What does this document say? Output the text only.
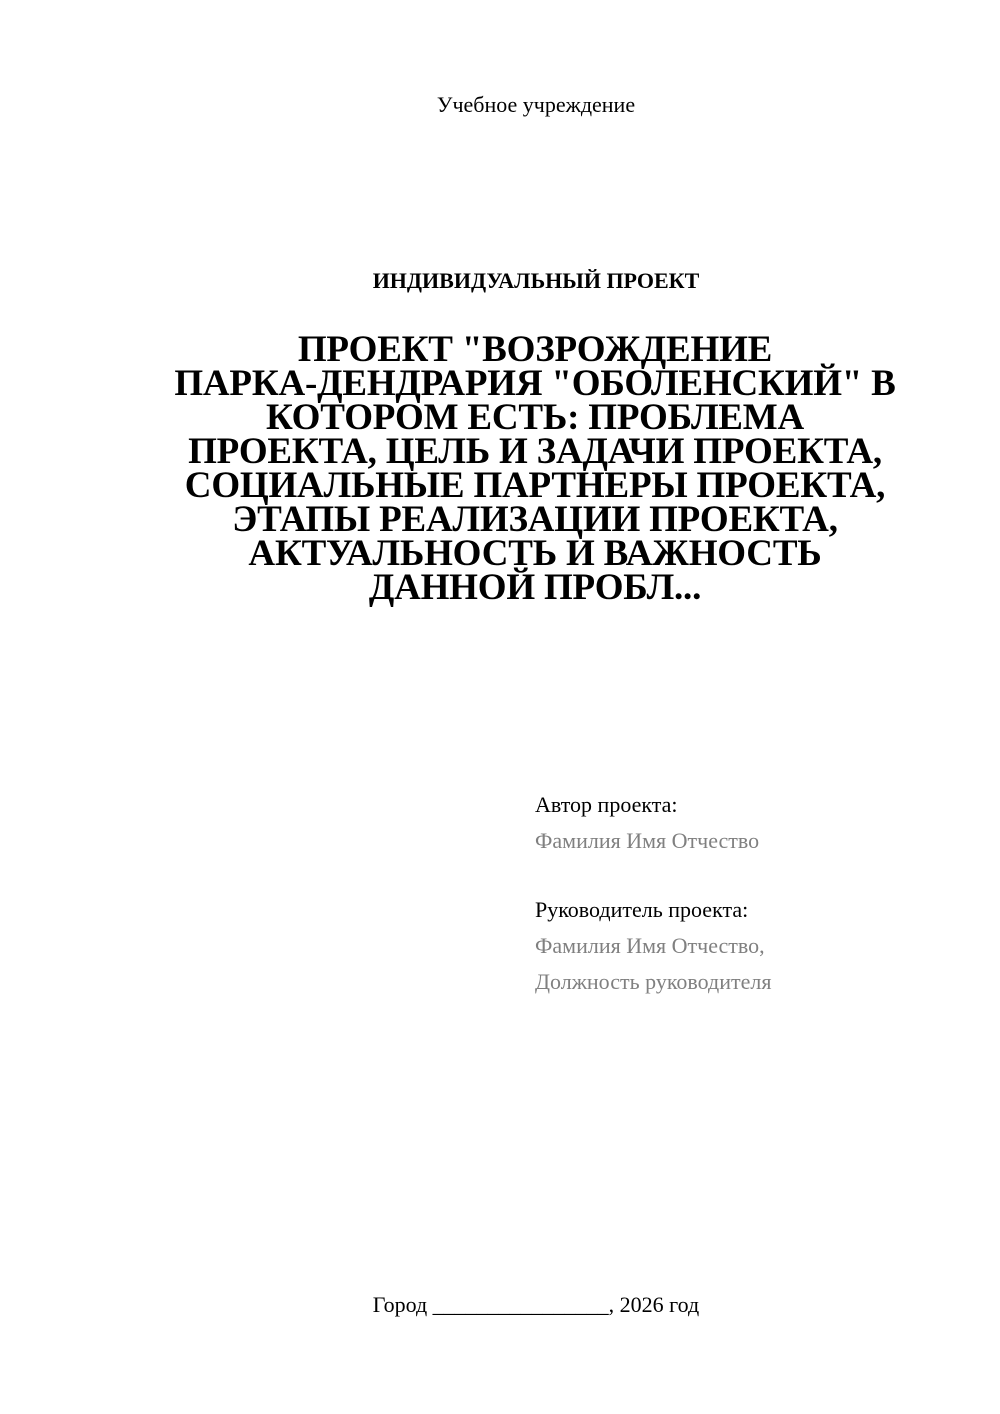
Учебное учреждение
ИНДИВИДУАЛЬНЫЙ ПРОЕКТ
ПРОЕКТ "ВОЗРОЖДЕНИЕ
ПАРКА-ДЕНДРАРИЯ "ОБОЛЕНСКИЙ" В
КОТОРОМ ЕСТЬ: ПРОБЛЕМА
ПРОЕКТА, ЦЕЛЬ И ЗАДАЧИ ПРОЕКТА,
СОЦИАЛЬНЫЕ ПАРТНЕРЫ ПРОЕКТА,
ЭТАПЫ РЕАЛИЗАЦИИ ПРОЕКТА,
АКТУАЛЬНОСТЬ И ВАЖНОСТЬ
ДАННОЙ ПРОБЛ...
Автор проекта:
Фамилия Имя Отчество
Руководитель проекта:
Фамилия Имя Отчество,
Должность руководителя
Город ________________, 2026 год
